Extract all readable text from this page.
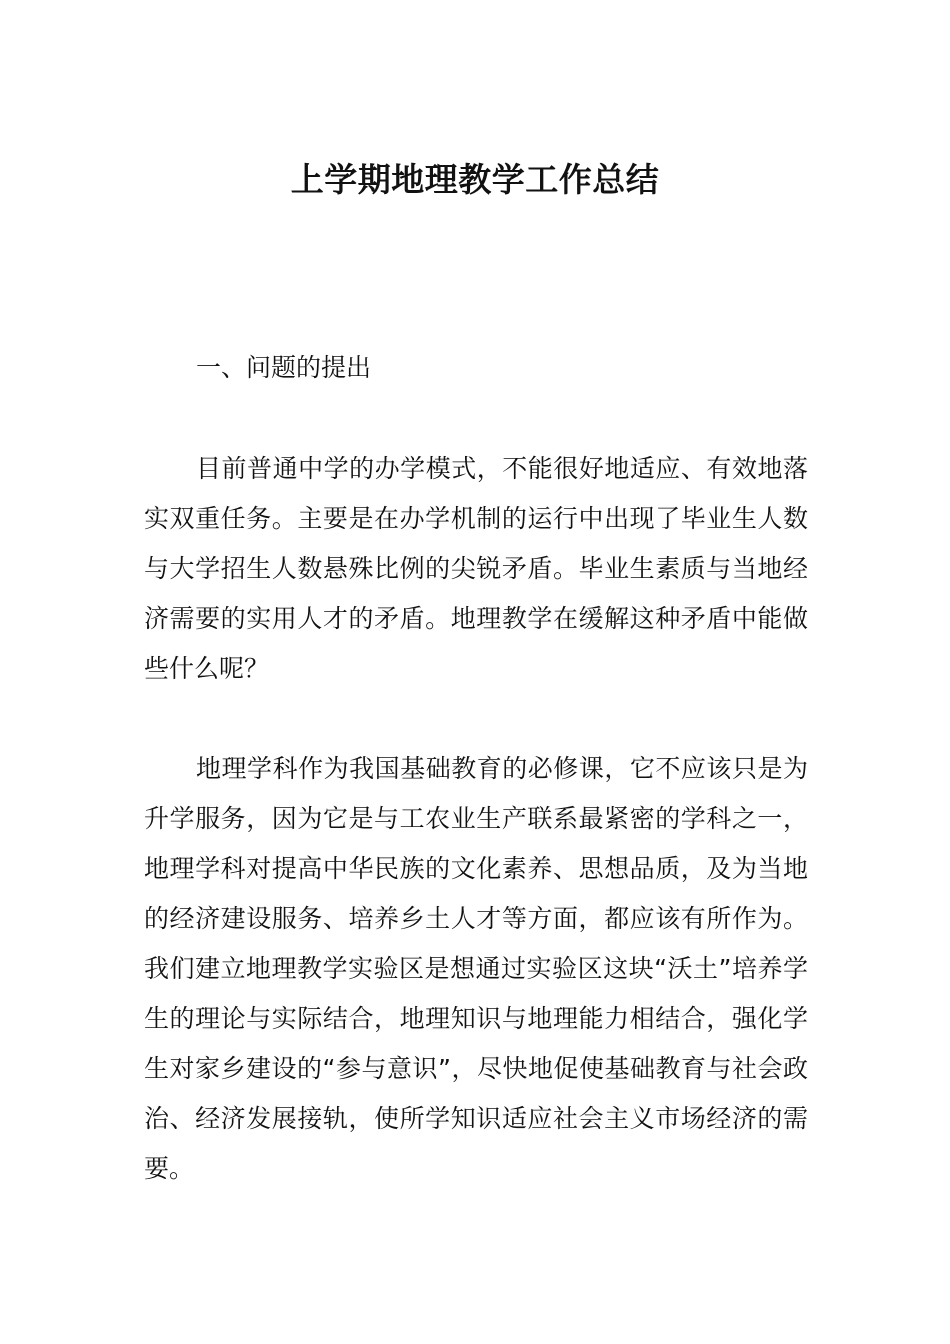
上学期地理教学工作总结
一、问题的提出

目前普通中学的办学模式，不能很好地适应、有效地落实双重任务。主要是在办学机制的运行中出现了毕业生人数与大学招生人数悬殊比例的尖锐矛盾。毕业生素质与当地经济需要的实用人才的矛盾。地理教学在缓解这种矛盾中能做些什么呢？

地理学科作为我国基础教育的必修课，它不应该只是为升学服务，因为它是与工农业生产联系最紧密的学科之一，地理学科对提高中华民族的文化素养、思想品质，及为当地的经济建设服务、培养乡土人才等方面，都应该有所作为。我们建立地理教学实验区是想通过实验区这块“沃土”培养学生的理论与实际结合，地理知识与地理能力相结合，强化学生对家乡建设的“参与意识”，尽快地促使基础教育与社会政治、经济发展接轨，使所学知识适应社会主义市场经济的需要。
